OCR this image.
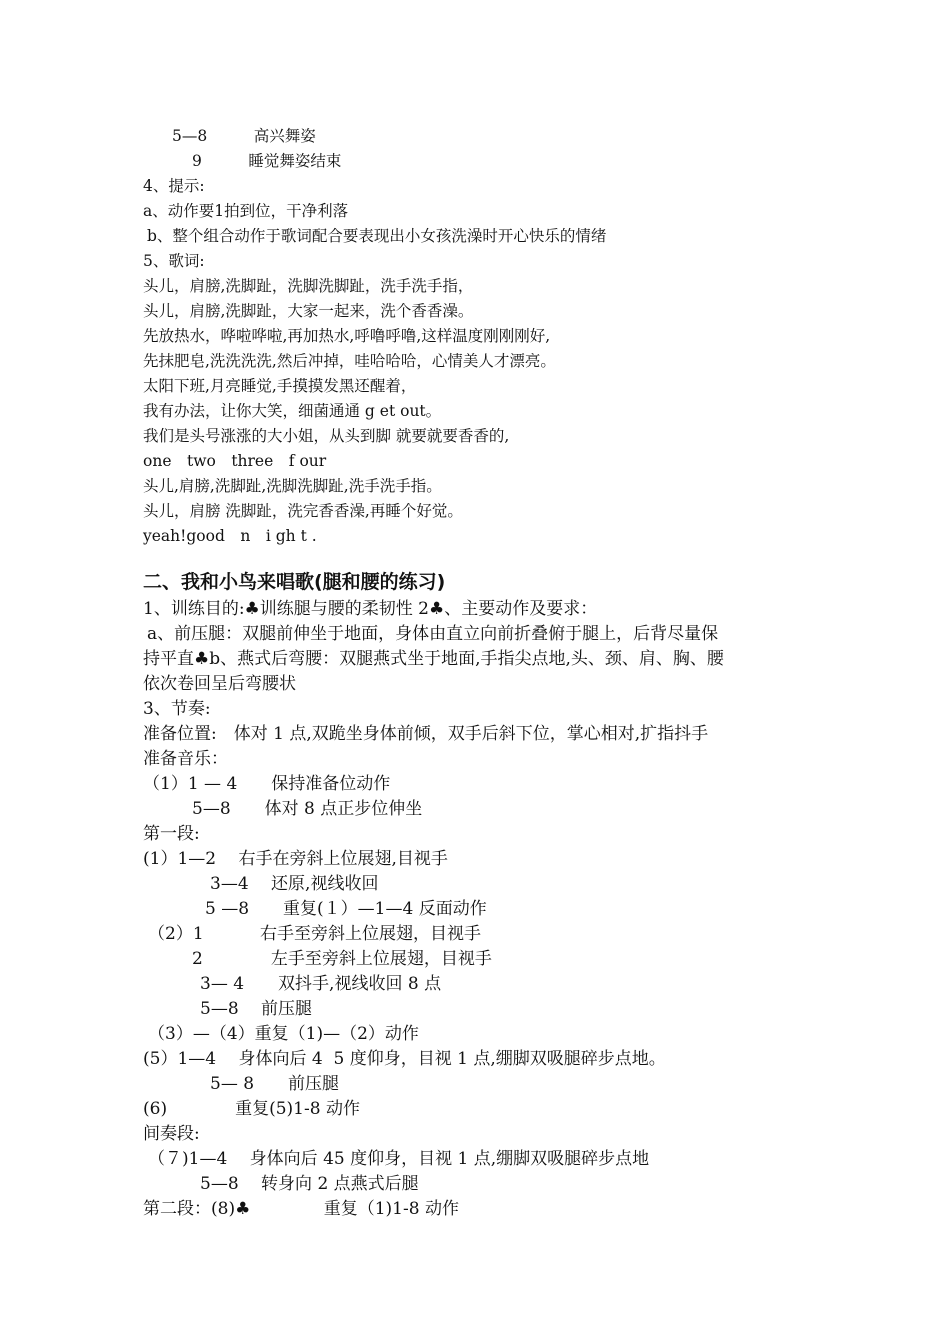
5—8　　　高兴舞姿
9　　　睡觉舞姿结束
4、提示:
a、动作要1拍到位，干净利落
b、整个组合动作于歌词配合要表现出小女孩洗澡时开心快乐的情绪
5、歌词:
头儿，肩膀,洗脚趾，洗脚洗脚趾，洗手洗手指，
头儿，肩膀,洗脚趾，大家一起来，洗个香香澡。
先放热水，哗啦哗啦,再加热水,呼噜呼噜,这样温度刚刚刚好,
先抹肥皂,洗洗洗洗,然后冲掉，哇哈哈哈，心情美人才漂亮。
太阳下班,月亮睡觉,手摸摸发黑还醒着，
我有办法，让你大笑，细菌通通 g et out。
我们是头号涨涨的大小姐，从头到脚 就要就要香香的,
one　two　three　f our
头儿,肩膀,洗脚趾,洗脚洗脚趾,洗手洗手指。
头儿，肩膀 洗脚趾，洗完香香澡,再睡个好觉。
yeah!good　n　i gh t .
二、我和小鸟来唱歌(腿和腰的练习)
1、训练目的:♣训练腿与腰的柔韧性 2♣、主要动作及要求：
a、前压腿：双腿前伸坐于地面，身体由直立向前折叠俯于腿上，后背尽量保
持平直♣b、燕式后弯腰：双腿燕式坐于地面,手指尖点地,头、颈、肩、胸、腰
依次卷回呈后弯腰状
3、节奏:
准备位置:　体对 1 点,双跪坐身体前倾，双手后斜下位，掌心相对,扩指抖手
准备音乐：
（1）1 — 4　　保持准备位动作
5—8　　体对 8 点正步位伸坐
第一段:
(1）1—2　 右手在旁斜上位展翅,目视手
3—4　 还原,视线收回
5 —8　　重复(１）—1—4 反面动作
（2）1　　　 右手至旁斜上位展翅，目视手
2　　　　左手至旁斜上位展翅，目视手
3— 4　　双抖手,视线收回 8 点
5—8　 前压腿
（3）—（4）重复（1)—（2）动作
(5）1—4　 身体向后 4  5 度仰身，目视 1 点,绷脚双吸腿碎步点地。
5— 8　　前压腿
(6)　　　　重复(5)1-8 动作
间奏段:
（７)1—4　 身体向后 45 度仰身，目视 1 点,绷脚双吸腿碎步点地
5—8　 转身向 2 点燕式后腿
第二段：(8)♣　　　　 重复（1)1-8 动作
